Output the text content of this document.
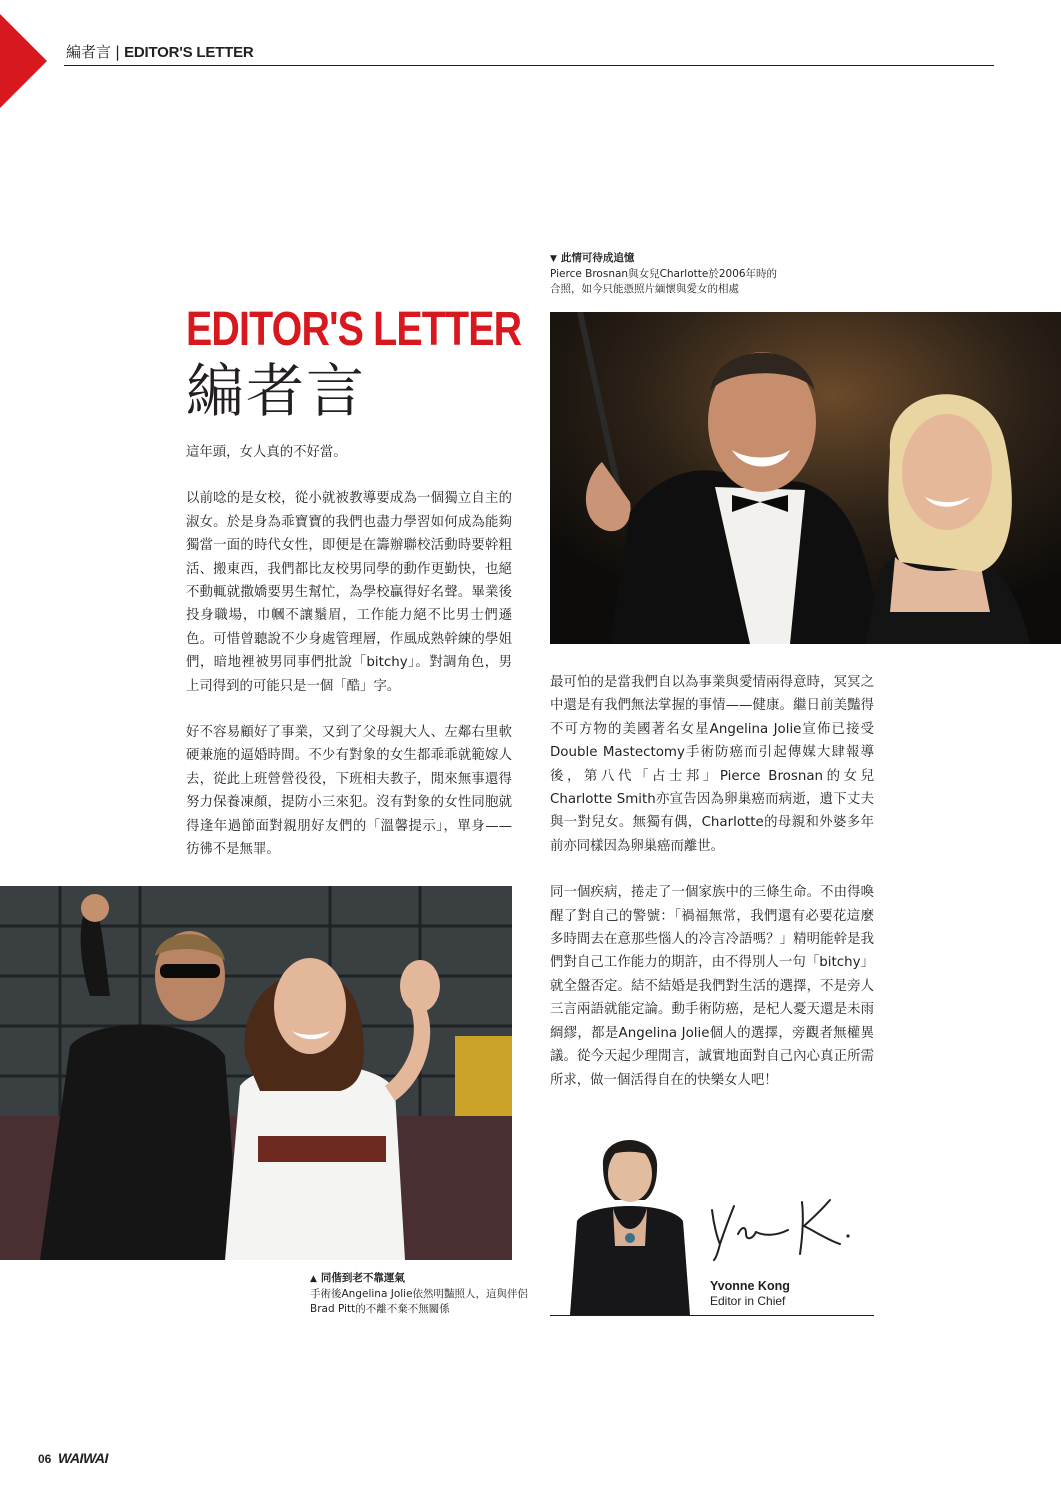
編者言 | EDITOR'S LETTER
EDITOR'S LETTER
編者言

這年頭，女人真的不好當。

以前唸的是女校，從小就被教導要成為一個獨立自主的淑女。於是身為乖寶寶的我們也盡力學習如何成為能夠獨當一面的時代女性，即便是在籌辦聯校活動時要幹粗活、搬東西，我們都比友校男同學的動作更勤快，也絕不動輒就撒嬌要男生幫忙，為學校贏得好名聲。畢業後投身職場，巾幗不讓鬚眉，工作能力絕不比男士們遜色。可惜曾聽說不少身處管理層，作風成熟幹練的學姐們，暗地裡被男同事們批說「bitchy」。對調角色，男上司得到的可能只是一個「酷」字。

好不容易顧好了事業，又到了父母親大人、左鄰右里軟硬兼施的逼婚時間。不少有對象的女生都乖乖就範嫁人去，從此上班營營役役，下班相夫教子，閒來無事還得努力保養凍顏，提防小三來犯。沒有對象的女性同胞就得逢年過節面對親朋好友們的「溫馨提示」，單身——彷彿不是無罪。

▼ 此情可待成追憶
Pierce Brosnan與女兒Charlotte於2006年時的
合照，如今只能憑照片緬懷與愛女的相處

最可怕的是當我們自以為事業與愛情兩得意時，冥冥之中還是有我們無法掌握的事情——健康。繼日前美豔得不可方物的美國著名女星Angelina Jolie宣佈已接受Double Mastectomy手術防癌而引起傳媒大肆報導後，第八代「占士邦」Pierce Brosnan的女兒Charlotte Smith亦宣告因為卵巢癌而病逝，遺下丈夫與一對兒女。無獨有偶，Charlotte的母親和外婆多年前亦同樣因為卵巢癌而離世。

同一個疾病，捲走了一個家族中的三條生命。不由得喚醒了對自己的警號：「禍福無常，我們還有必要花這麼多時間去在意那些惱人的冷言冷語嗎？」精明能幹是我們對自己工作能力的期許，由不得別人一句「bitchy」就全盤否定。結不結婚是我們對生活的選擇，不是旁人三言兩語就能定論。動手術防癌，是杞人憂天還是未雨綢繆，都是Angelina Jolie個人的選擇，旁觀者無權異議。從今天起少理閒言，誠實地面對自己內心真正所需所求，做一個活得自在的快樂女人吧！

▲ 同偕到老不靠運氣
手術後Angelina Jolie依然明豔照人，這與伴侶
Brad Pitt的不離不棄不無關係
Yvonne Kong
Editor in Chief
06 WAIWAI
